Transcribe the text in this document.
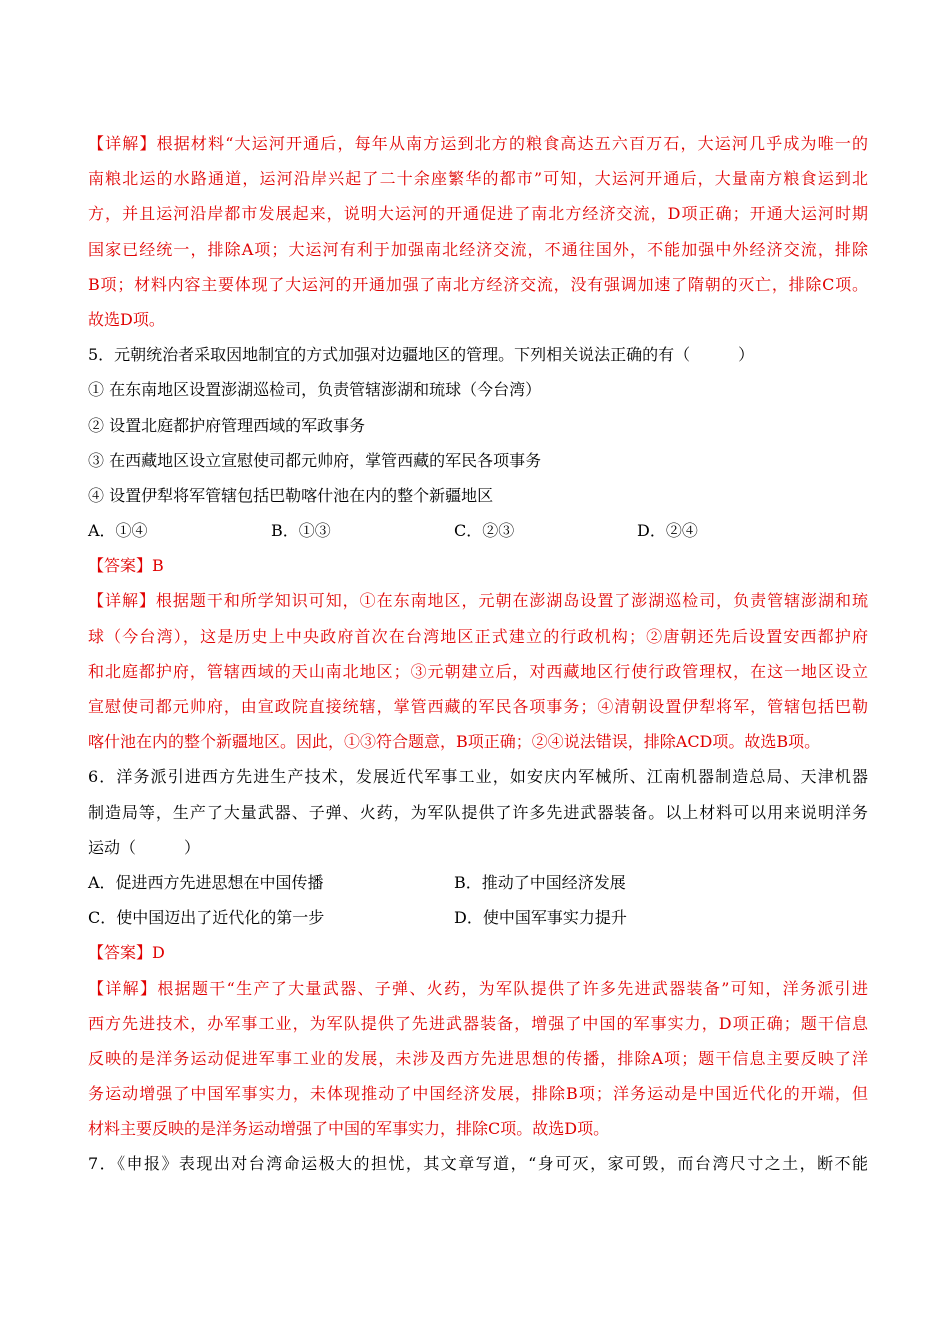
【详解】根据材料“大运河开通后，每年从南方运到北方的粮食高达五六百万石，大运河几乎成为唯一的
南粮北运的水路通道，运河沿岸兴起了二十余座繁华的都市”可知，大运河开通后，大量南方粮食运到北
方，并且运河沿岸都市发展起来，说明大运河的开通促进了南北方经济交流，D项正确；开通大运河时期
国家已经统一，排除A项；大运河有利于加强南北经济交流，不通往国外，不能加强中外经济交流，排除
B项；材料内容主要体现了大运河的开通加强了南北方经济交流，没有强调加速了隋朝的灭亡，排除C项。
故选D项。
5．元朝统治者采取因地制宜的方式加强对边疆地区的管理。下列相关说法正确的有（　　　）
① 在东南地区设置澎湖巡检司，负责管辖澎湖和琉球（今台湾）
② 设置北庭都护府管理西域的军政事务
③ 在西藏地区设立宣慰使司都元帅府，掌管西藏的军民各项事务
④ 设置伊犁将军管辖包括巴勒喀什池在内的整个新疆地区
A．①④	B．①③	C．②③	D．②④
【答案】B
【详解】根据题干和所学知识可知，①在东南地区，元朝在澎湖岛设置了澎湖巡检司，负责管辖澎湖和琉
球（今台湾），这是历史上中央政府首次在台湾地区正式建立的行政机构；②唐朝还先后设置安西都护府
和北庭都护府，管辖西域的天山南北地区；③元朝建立后，对西藏地区行使行政管理权，在这一地区设立
宣慰使司都元帅府，由宣政院直接统辖，掌管西藏的军民各项事务；④清朝设置伊犁将军，管辖包括巴勒
喀什池在内的整个新疆地区。因此，①③符合题意，B项正确；②④说法错误，排除ACD项。故选B项。
6．洋务派引进西方先进生产技术，发展近代军事工业，如安庆内军械所、江南机器制造总局、天津机器
制造局等，生产了大量武器、子弹、火药，为军队提供了许多先进武器装备。以上材料可以用来说明洋务
运动（　　　）
A．促进西方先进思想在中国传播	B．推动了中国经济发展
C．使中国迈出了近代化的第一步	D．使中国军事实力提升
【答案】D
【详解】根据题干“生产了大量武器、子弹、火药，为军队提供了许多先进武器装备”可知，洋务派引进
西方先进技术，办军事工业，为军队提供了先进武器装备，增强了中国的军事实力，D项正确；题干信息
反映的是洋务运动促进军事工业的发展，未涉及西方先进思想的传播，排除A项；题干信息主要反映了洋
务运动增强了中国军事实力，未体现推动了中国经济发展，排除B项；洋务运动是中国近代化的开端，但
材料主要反映的是洋务运动增强了中国的军事实力，排除C项。故选D项。
7．《申报》表现出对台湾命运极大的担忧，其文章写道，“身可灭，家可毁，而台湾尺寸之土，断不能
